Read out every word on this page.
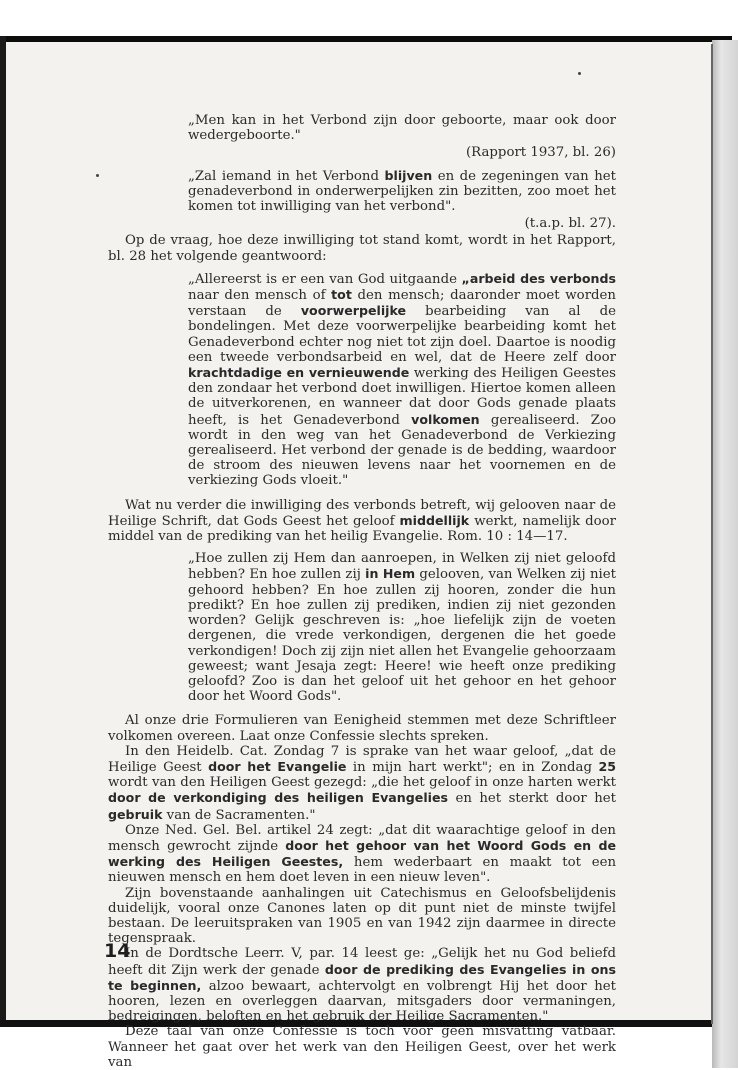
„Men kan in het Verbond zijn door geboorte, maar ook door wedergeboorte."
(Rapport 1937, bl. 26)
„Zal iemand in het Verbond blijven en de zegeningen van het genadeverbond in onderwerpelijken zin bezitten, zoo moet het komen tot inwilliging van het verbond".
(t.a.p. bl. 27).
Op de vraag, hoe deze inwilliging tot stand komt, wordt in het Rapport, bl. 28 het volgende geantwoord:
„Allereerst is er een van God uitgaande „arbeid des verbonds naar den mensch of tot den mensch; daaronder moet worden verstaan de voorwerpelijke bearbeiding van al de bondelingen. Met deze voorwerpelijke bearbeiding komt het Genadeverbond echter nog niet tot zijn doel. Daartoe is noodig een tweede verbondsarbeid en wel, dat de Heere zelf door krachtdadige en vernieuwende werking des Heiligen Geestes den zondaar het verbond doet inwilligen. Hiertoe komen alleen de uitverkorenen, en wanneer dat door Gods genade plaats heeft, is het Genadeverbond volkomen gerealiseerd. Zoo wordt in den weg van het Genadeverbond de Verkiezing gerealiseerd. Het verbond der genade is de bedding, waardoor de stroom des nieuwen levens naar het voornemen en de verkiezing Gods vloeit."
Wat nu verder die inwilliging des verbonds betreft, wij gelooven naar de Heilige Schrift, dat Gods Geest het geloof middellijk werkt, namelijk door middel van de prediking van het heilig Evangelie. Rom. 10 : 14—17.
„Hoe zullen zij Hem dan aanroepen, in Welken zij niet geloofd hebben? En hoe zullen zij in Hem gelooven, van Welken zij niet gehoord hebben? En hoe zullen zij hooren, zonder die hun predikt? En hoe zullen zij prediken, indien zij niet gezonden worden? Gelijk geschreven is: „hoe liefelijk zijn de voeten dergenen, die vrede verkondigen, dergenen die het goede verkondigen! Doch zij zijn niet allen het Evangelie gehoorzaam geweest; want Jesaja zegt: Heere! wie heeft onze prediking geloofd? Zoo is dan het geloof uit het gehoor en het gehoor door het Woord Gods".
Al onze drie Formulieren van Eenigheid stemmen met deze Schriftleer volkomen overeen. Laat onze Confessie slechts spreken.
In den Heidelb. Cat. Zondag 7 is sprake van het waar geloof, „dat de Heilige Geest door het Evangelie in mijn hart werkt"; en in Zondag 25 wordt van den Heiligen Geest gezegd: „die het geloof in onze harten werkt door de verkondiging des heiligen Evangelies en het sterkt door het gebruik van de Sacramenten."
Onze Ned. Gel. Bel. artikel 24 zegt: „dat dit waarachtige geloof in den mensch gewrocht zijnde door het gehoor van het Woord Gods en de werking des Heiligen Geestes, hem wederbaart en maakt tot een nieuwen mensch en hem doet leven in een nieuw leven".
Zijn bovenstaande aanhalingen uit Catechismus en Geloofsbelijdenis duidelijk, vooral onze Canones laten op dit punt niet de minste twijfel bestaan. De leeruitspraken van 1905 en van 1942 zijn daarmee in directe tegenspraak.
In de Dordtsche Leerr. V, par. 14 leest ge: „Gelijk het nu God beliefd heeft dit Zijn werk der genade door de prediking des Evangelies in ons te beginnen, alzoo bewaart, achtervolgt en volbrengt Hij het door het hooren, lezen en overleggen daarvan, mitsgaders door vermaningen, bedreigingen, beloften en het gebruik der Heilige Sacramenten."
Deze taal van onze Confessie is toch voor geen misvatting vatbaar. Wanneer het gaat over het werk van den Heiligen Geest, over het werk van
14
